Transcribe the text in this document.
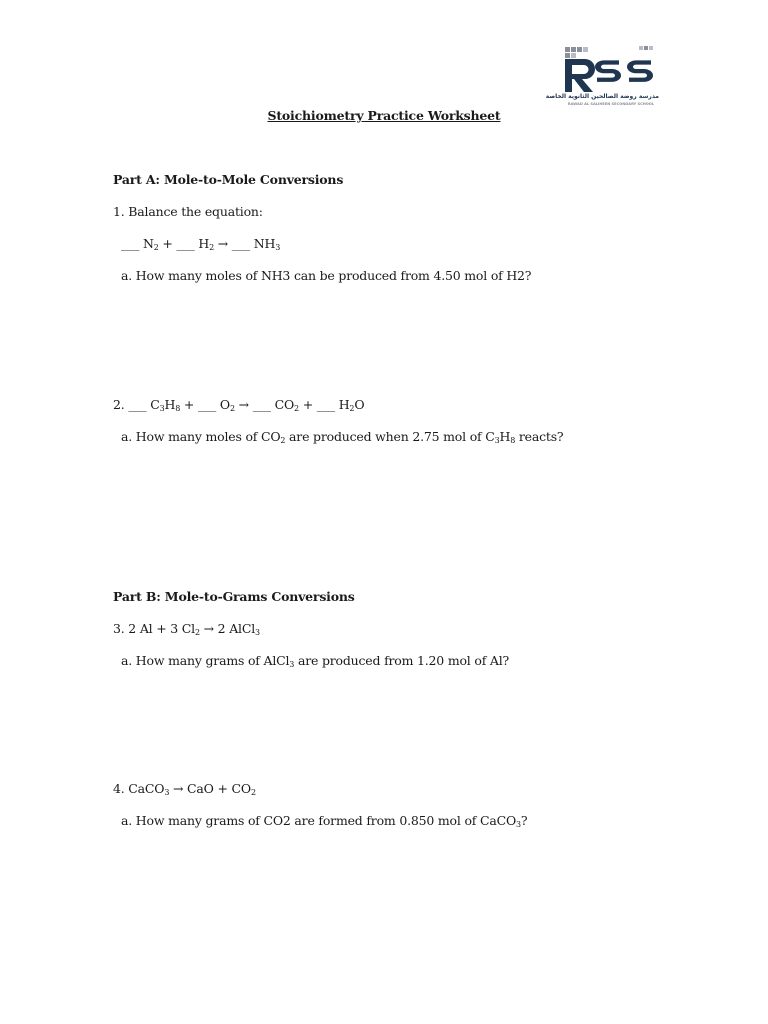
مدرسة روضة الصالحين الثانوية الخاصة
RAWAD AL SALIHEEN SECONDARY SCHOOL
Stoichiometry Practice Worksheet
Part A: Mole-to-Mole Conversions
1. Balance the equation:
___ $N_2$ + ___ $H_2$ → ___ $NH_3$
a. How many moles of NH3 can be produced from 4.50 mol of H2?
2. ___ $C_3H_8$ + ___ $O_2$ → ___ $CO_2$ + ___ $H_2O$
a. How many moles of $CO_2$ are produced when 2.75 mol of $C_3H_8$ reacts?
Part B: Mole-to-Grams Conversions
3. 2 Al + 3 $Cl_2 \to 2$ AlCl$_3$
a. How many grams of AlCl$_3$ are produced from 1.20 mol of Al?
4. CaCO$_3$ → CaO + $CO_2$
a. How many grams of CO2 are formed from 0.850 mol of CaCO$_3$?
